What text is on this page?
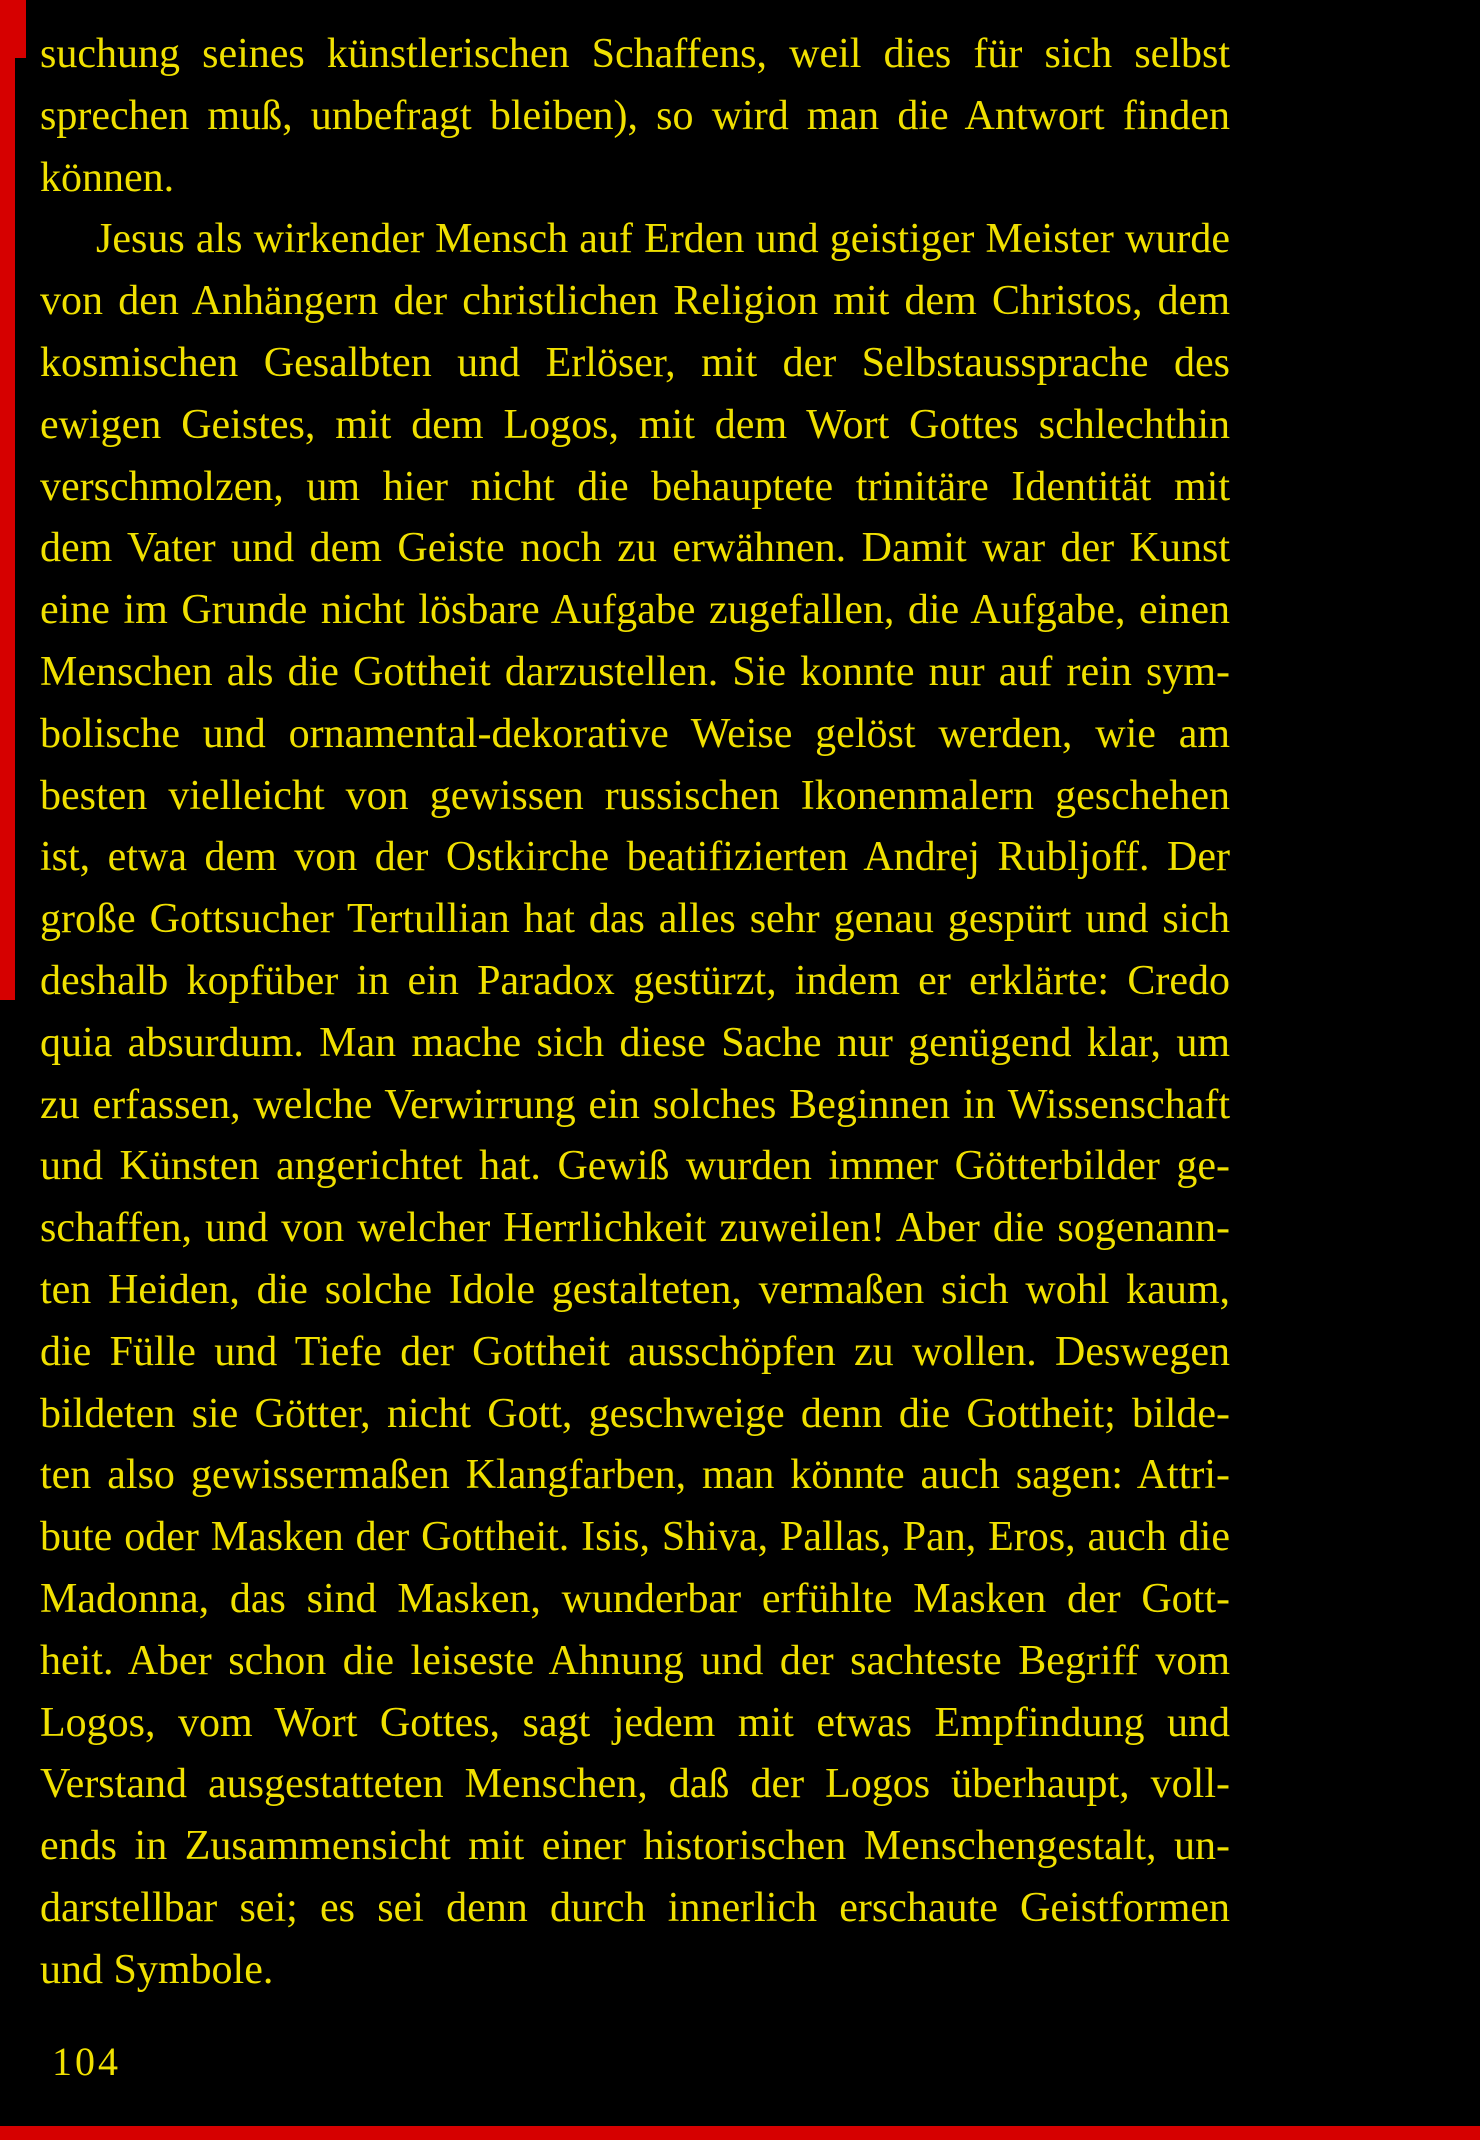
suchung seines künstlerischen Schaffens, weil dies für sich selbst
sprechen muß, unbefragt bleiben), so wird man die Antwort finden
können.
Jesus als wirkender Mensch auf Erden und geistiger Meister wurde
von den Anhängern der christlichen Religion mit dem Christos, dem
kosmischen Gesalbten und Erlöser, mit der Selbstaussprache des
ewigen Geistes, mit dem Logos, mit dem Wort Gottes schlechthin
verschmolzen, um hier nicht die behauptete trinitäre Identität mit
dem Vater und dem Geiste noch zu erwähnen. Damit war der Kunst
eine im Grunde nicht lösbare Aufgabe zugefallen, die Aufgabe, einen
Menschen als die Gottheit darzustellen. Sie konnte nur auf rein sym-
bolische und ornamental-dekorative Weise gelöst werden, wie am
besten vielleicht von gewissen russischen Ikonenmalern geschehen
ist, etwa dem von der Ostkirche beatifizierten Andrej Rubljoff. Der
große Gottsucher Tertullian hat das alles sehr genau gespürt und sich
deshalb kopfüber in ein Paradox gestürzt, indem er erklärte: Credo
quia absurdum. Man mache sich diese Sache nur genügend klar, um
zu erfassen, welche Verwirrung ein solches Beginnen in Wissenschaft
und Künsten angerichtet hat. Gewiß wurden immer Götterbilder ge-
schaffen, und von welcher Herrlichkeit zuweilen! Aber die sogenann-
ten Heiden, die solche Idole gestalteten, vermaßen sich wohl kaum,
die Fülle und Tiefe der Gottheit ausschöpfen zu wollen. Deswegen
bildeten sie Götter, nicht Gott, geschweige denn die Gottheit; bilde-
ten also gewissermaßen Klangfarben, man könnte auch sagen: Attri-
bute oder Masken der Gottheit. Isis, Shiva, Pallas, Pan, Eros, auch die
Madonna, das sind Masken, wunderbar erfühlte Masken der Gott-
heit. Aber schon die leiseste Ahnung und der sachteste Begriff vom
Logos, vom Wort Gottes, sagt jedem mit etwas Empfindung und
Verstand ausgestatteten Menschen, daß der Logos überhaupt, voll-
ends in Zusammensicht mit einer historischen Menschengestalt, un-
darstellbar sei; es sei denn durch innerlich erschaute Geistformen
und Symbole.
104
